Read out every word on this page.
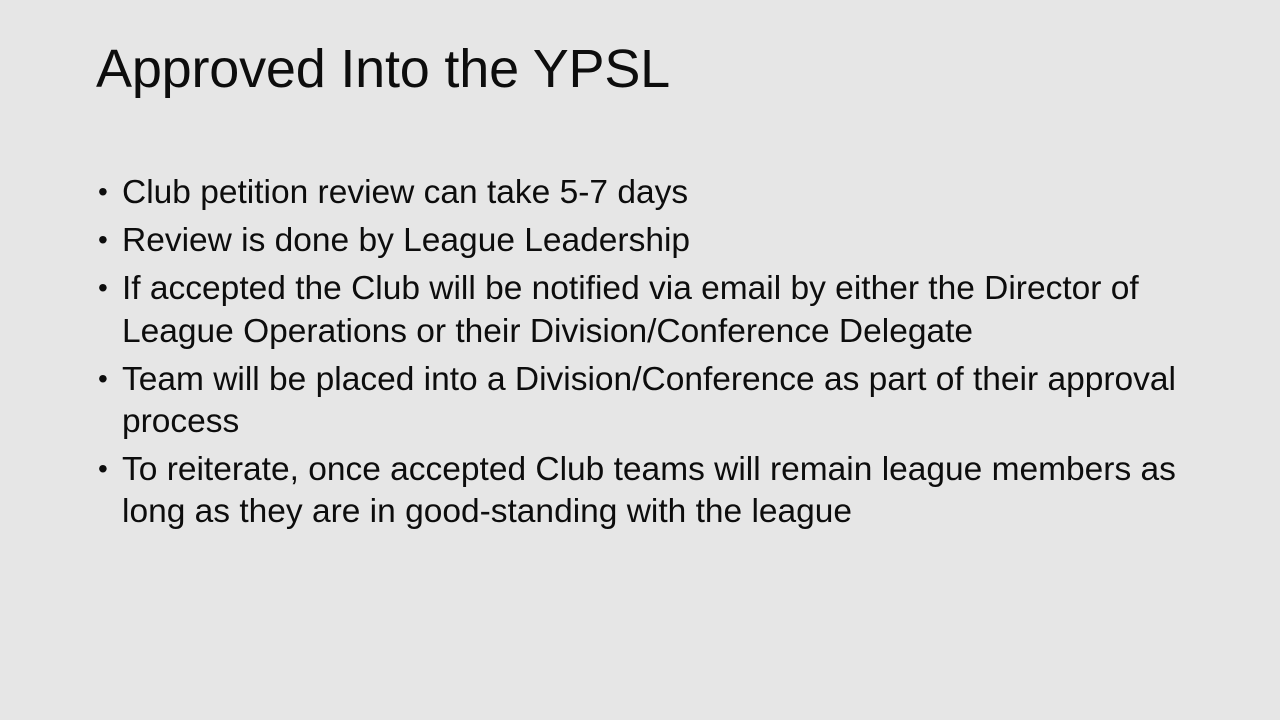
Approved Into the YPSL
• Club petition review can take 5-7 days
• Review is done by League Leadership
• If accepted the Club will be notified via email by either the Director of League Operations or their Division/Conference Delegate
• Team will be placed into a Division/Conference as part of their approval process
• To reiterate, once accepted Club teams will remain league members as long as they are in good-standing with the league
